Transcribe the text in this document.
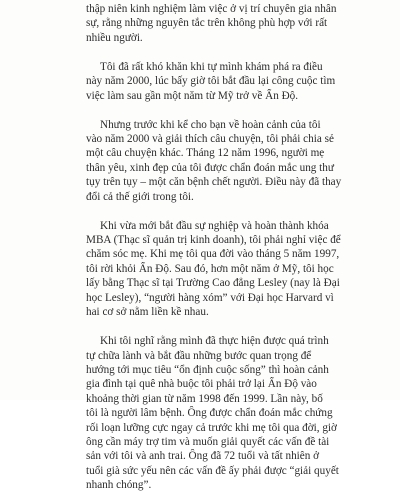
thập niên kinh nghiệm làm việc ở vị trí chuyên gia nhân
sự, rằng những nguyên tắc trên không phù hợp với rất
nhiều người.
Tôi đã rất khó khăn khi tự mình khám phá ra điều
này năm 2000, lúc bấy giờ tôi bắt đầu lại công cuộc tìm
việc làm sau gần một năm từ Mỹ trở về Ấn Độ.
Nhưng trước khi kể cho bạn về hoàn cảnh của tôi
vào năm 2000 và giải thích câu chuyện, tôi phải chia sẻ
một câu chuyện khác. Tháng 12 năm 1996, người mẹ
thân yêu, xinh đẹp của tôi được chẩn đoán mắc ung thư
tụy trên tụy – một căn bệnh chết người. Điều này đã thay
đổi cả thế giới trong tôi.
Khi vừa mới bắt đầu sự nghiệp và hoàn thành khóa
MBA (Thạc sĩ quản trị kinh doanh), tôi phải nghỉ việc để
chăm sóc mẹ. Khi mẹ tôi qua đời vào tháng 5 năm 1997,
tôi rời khỏi Ấn Độ. Sau đó, hơn một năm ở Mỹ, tôi học
lấy bằng Thạc sĩ tại Trường Cao đẳng Lesley (nay là Đại
học Lesley), “người hàng xóm” với Đại học Harvard vì
hai cơ sở nằm liền kề nhau.
Khi tôi nghĩ rằng mình đã thực hiện được quá trình
tự chữa lành và bắt đầu những bước quan trọng để
hướng tới mục tiêu “ổn định cuộc sống” thì hoàn cảnh
gia đình tại quê nhà buộc tôi phải trở lại Ấn Độ vào
khoảng thời gian từ năm 1998 đến 1999. Lần này, bố
tôi là người lâm bệnh. Ông được chẩn đoán mắc chứng
rối loạn lưỡng cực ngay cả trước khi mẹ tôi qua đời, giờ
ông cần máy trợ tim và muốn giải quyết các vấn đề tài
sản với tôi và anh trai. Ông đã 72 tuổi và tất nhiên ở
tuổi già sức yếu nên các vấn đề ấy phải được “giải quyết
nhanh chóng”.
